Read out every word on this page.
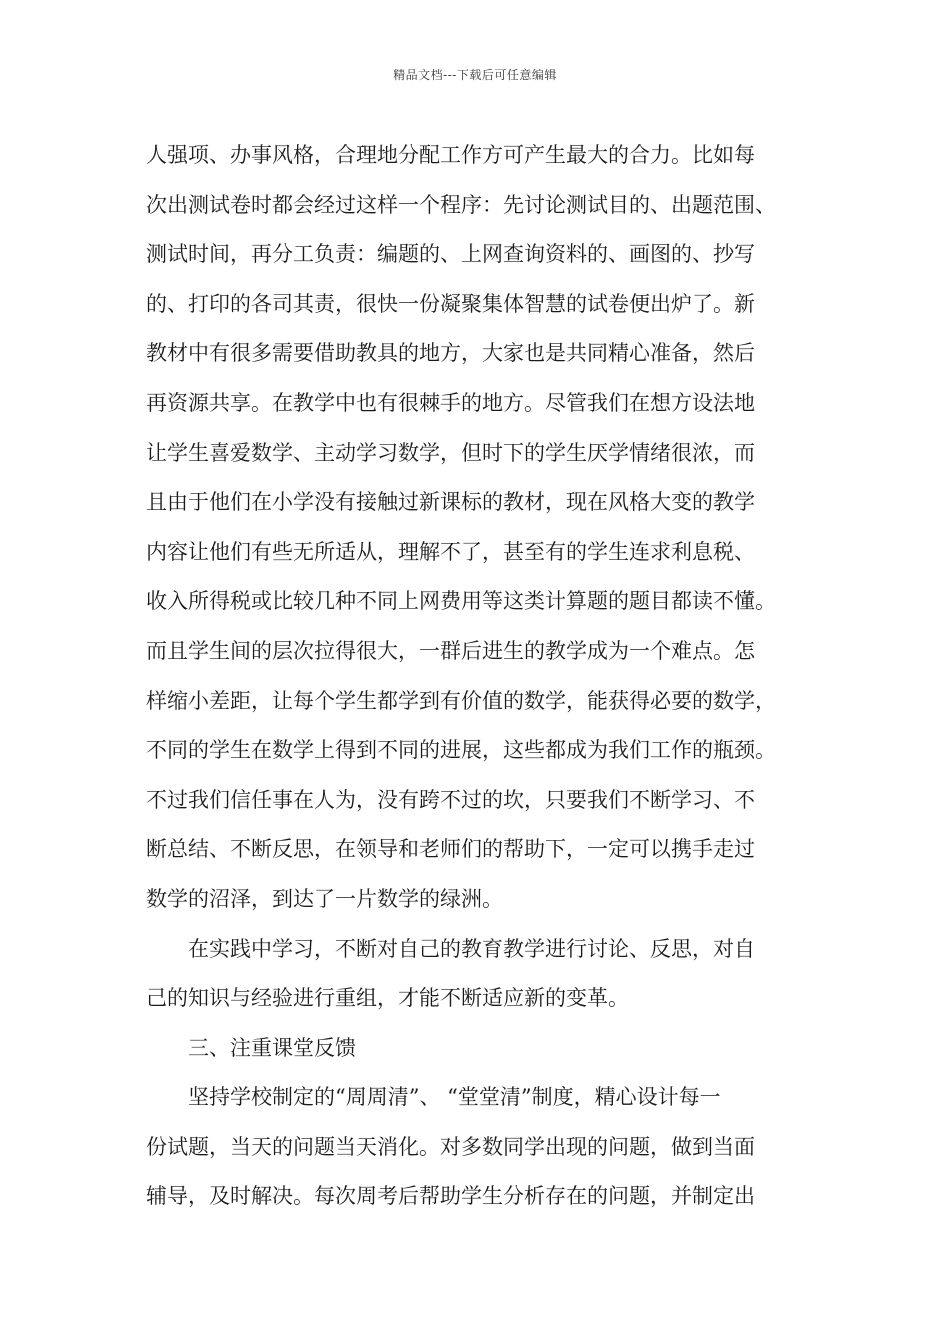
精品文档---下载后可任意编辑
人强项、办事风格，合理地分配工作方可产生最大的合力。比如每
次出测试卷时都会经过这样一个程序：先讨论测试目的、出题范围、
测试时间，再分工负责：编题的、上网查询资料的、画图的、抄写
的、打印的各司其责，很快一份凝聚集体智慧的试卷便出炉了。新
教材中有很多需要借助教具的地方，大家也是共同精心准备，然后
再资源共享。在教学中也有很棘手的地方。尽管我们在想方设法地
让学生喜爱数学、主动学习数学，但时下的学生厌学情绪很浓，而
且由于他们在小学没有接触过新课标的教材，现在风格大变的教学
内容让他们有些无所适从，理解不了，甚至有的学生连求利息税、
收入所得税或比较几种不同上网费用等这类计算题的题目都读不懂。
而且学生间的层次拉得很大，一群后进生的教学成为一个难点。怎
样缩小差距，让每个学生都学到有价值的数学，能获得必要的数学，
不同的学生在数学上得到不同的进展，这些都成为我们工作的瓶颈。
不过我们信任事在人为，没有跨不过的坎，只要我们不断学习、不
断总结、不断反思，在领导和老师们的帮助下，一定可以携手走过
数学的沼泽，到达了一片数学的绿洲。
在实践中学习，不断对自己的教育教学进行讨论、反思，对自
己的知识与经验进行重组，才能不断适应新的变革。
三、注重课堂反馈
坚持学校制定的“周周清”、 “堂堂清”制度，精心设计每一
份试题，当天的问题当天消化。对多数同学出现的问题，做到当面
辅导，及时解决。每次周考后帮助学生分析存在的问题，并制定出
